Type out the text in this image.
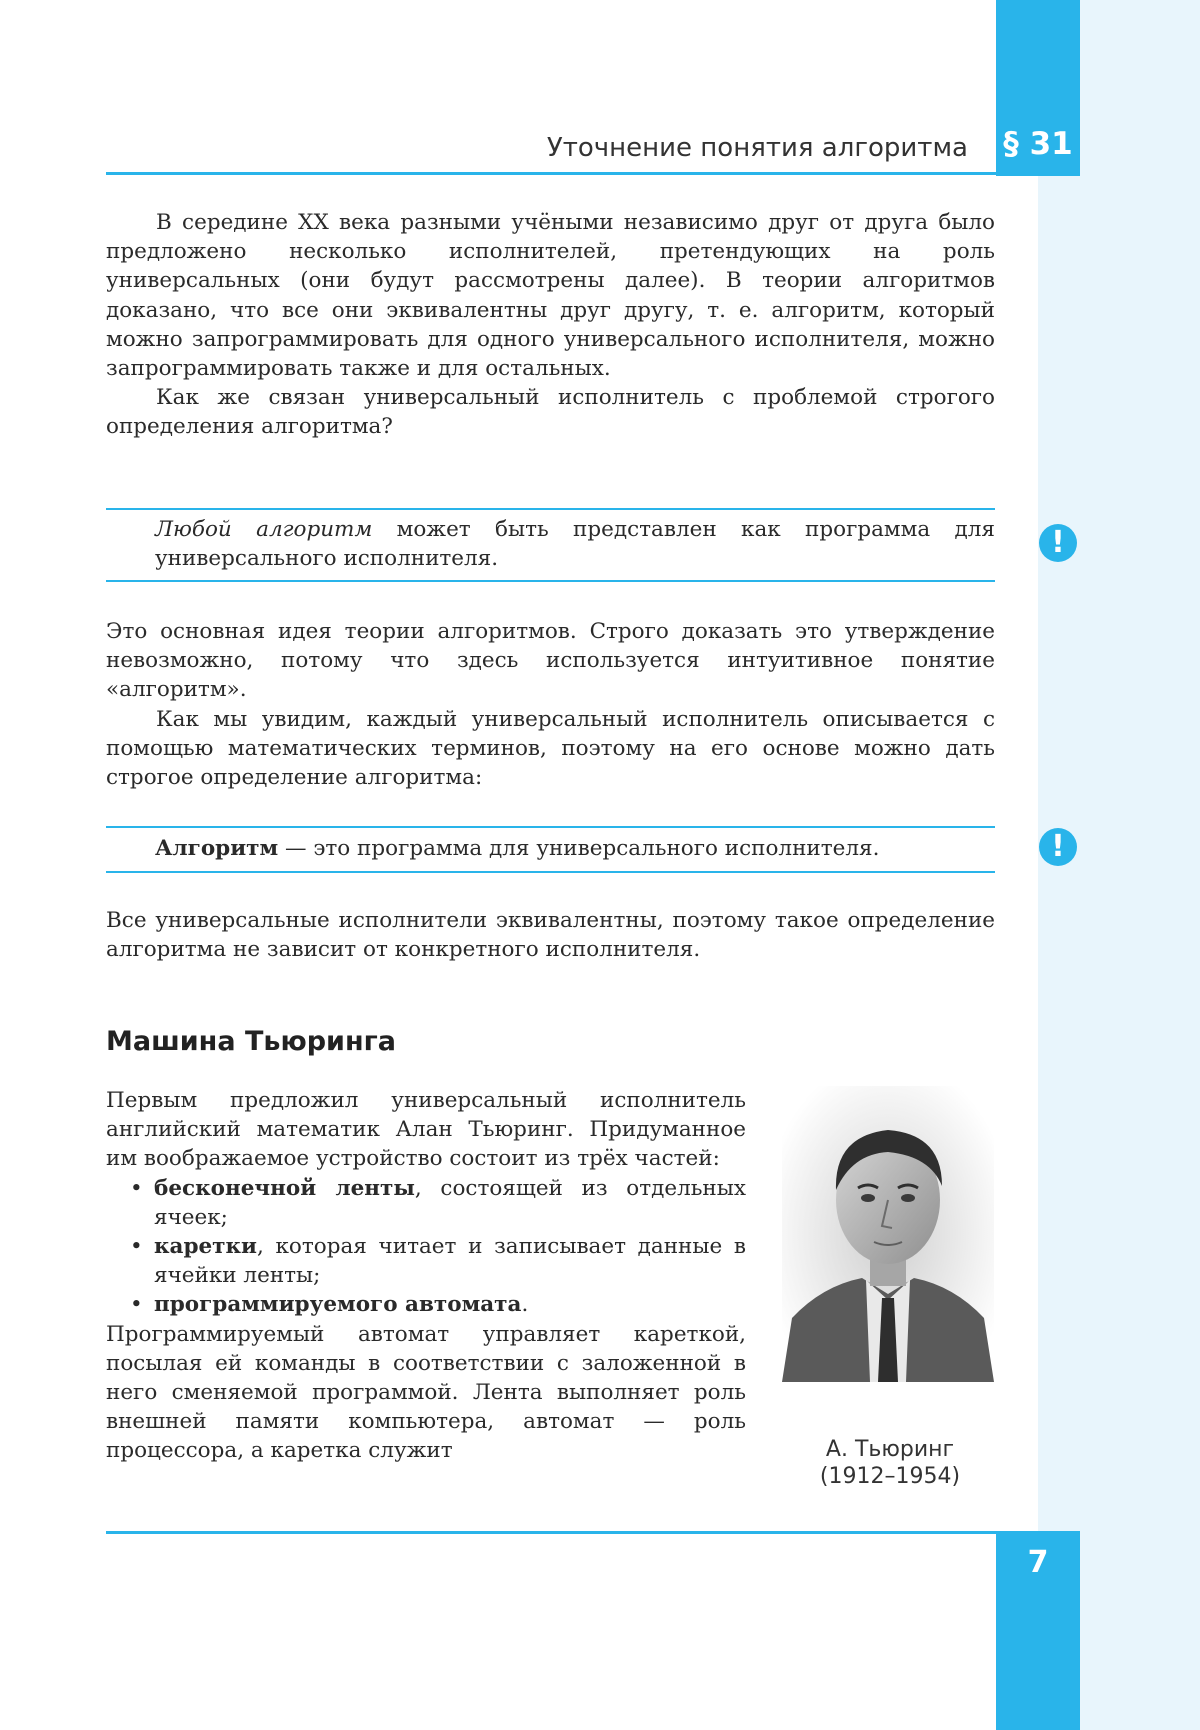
§ 31
Уточнение понятия алгоритма

В середине XX века разными учёными независимо друг от друга было предложено несколько исполнителей, претендующих на роль универсальных (они будут рассмотрены далее). В теории алгоритмов доказано, что все они эквивалентны друг другу, т. е. алгоритм, который можно запрограммировать для одного универсального исполнителя, можно запрограммировать также и для остальных.

Как же связан универсальный исполнитель с проблемой строгого определения алгоритма?

Любой алгоритм может быть представлен как программа для универсального исполнителя.	!

Это основная идея теории алгоритмов. Строго доказать это утверждение невозможно, потому что здесь используется интуитивное понятие «алгоритм».

Как мы увидим, каждый универсальный исполнитель описывается с помощью математических терминов, поэтому на его основе можно дать строгое определение алгоритма:

Алгоритм — это программа для универсального исполнителя.	!

Все универсальные исполнители эквивалентны, поэтому такое определение алгоритма не зависит от конкретного исполнителя.

Машина Тьюринга

Первым предложил универсальный исполнитель английский математик Алан Тьюринг. Придуманное им воображаемое устройство состоит из трёх частей:

• бесконечной ленты, состоящей из отдельных ячеек;

• каретки, которая читает и записывает данные в ячейки ленты;

• программируемого автомата.

Программируемый автомат управляет кареткой, посылая ей команды в соответствии с заложенной в него сменяемой программой. Лента выполняет роль внешней памяти компьютера, автомат — роль процессора, а каретка служит	А. Тьюринг
(1912–1954)
7
